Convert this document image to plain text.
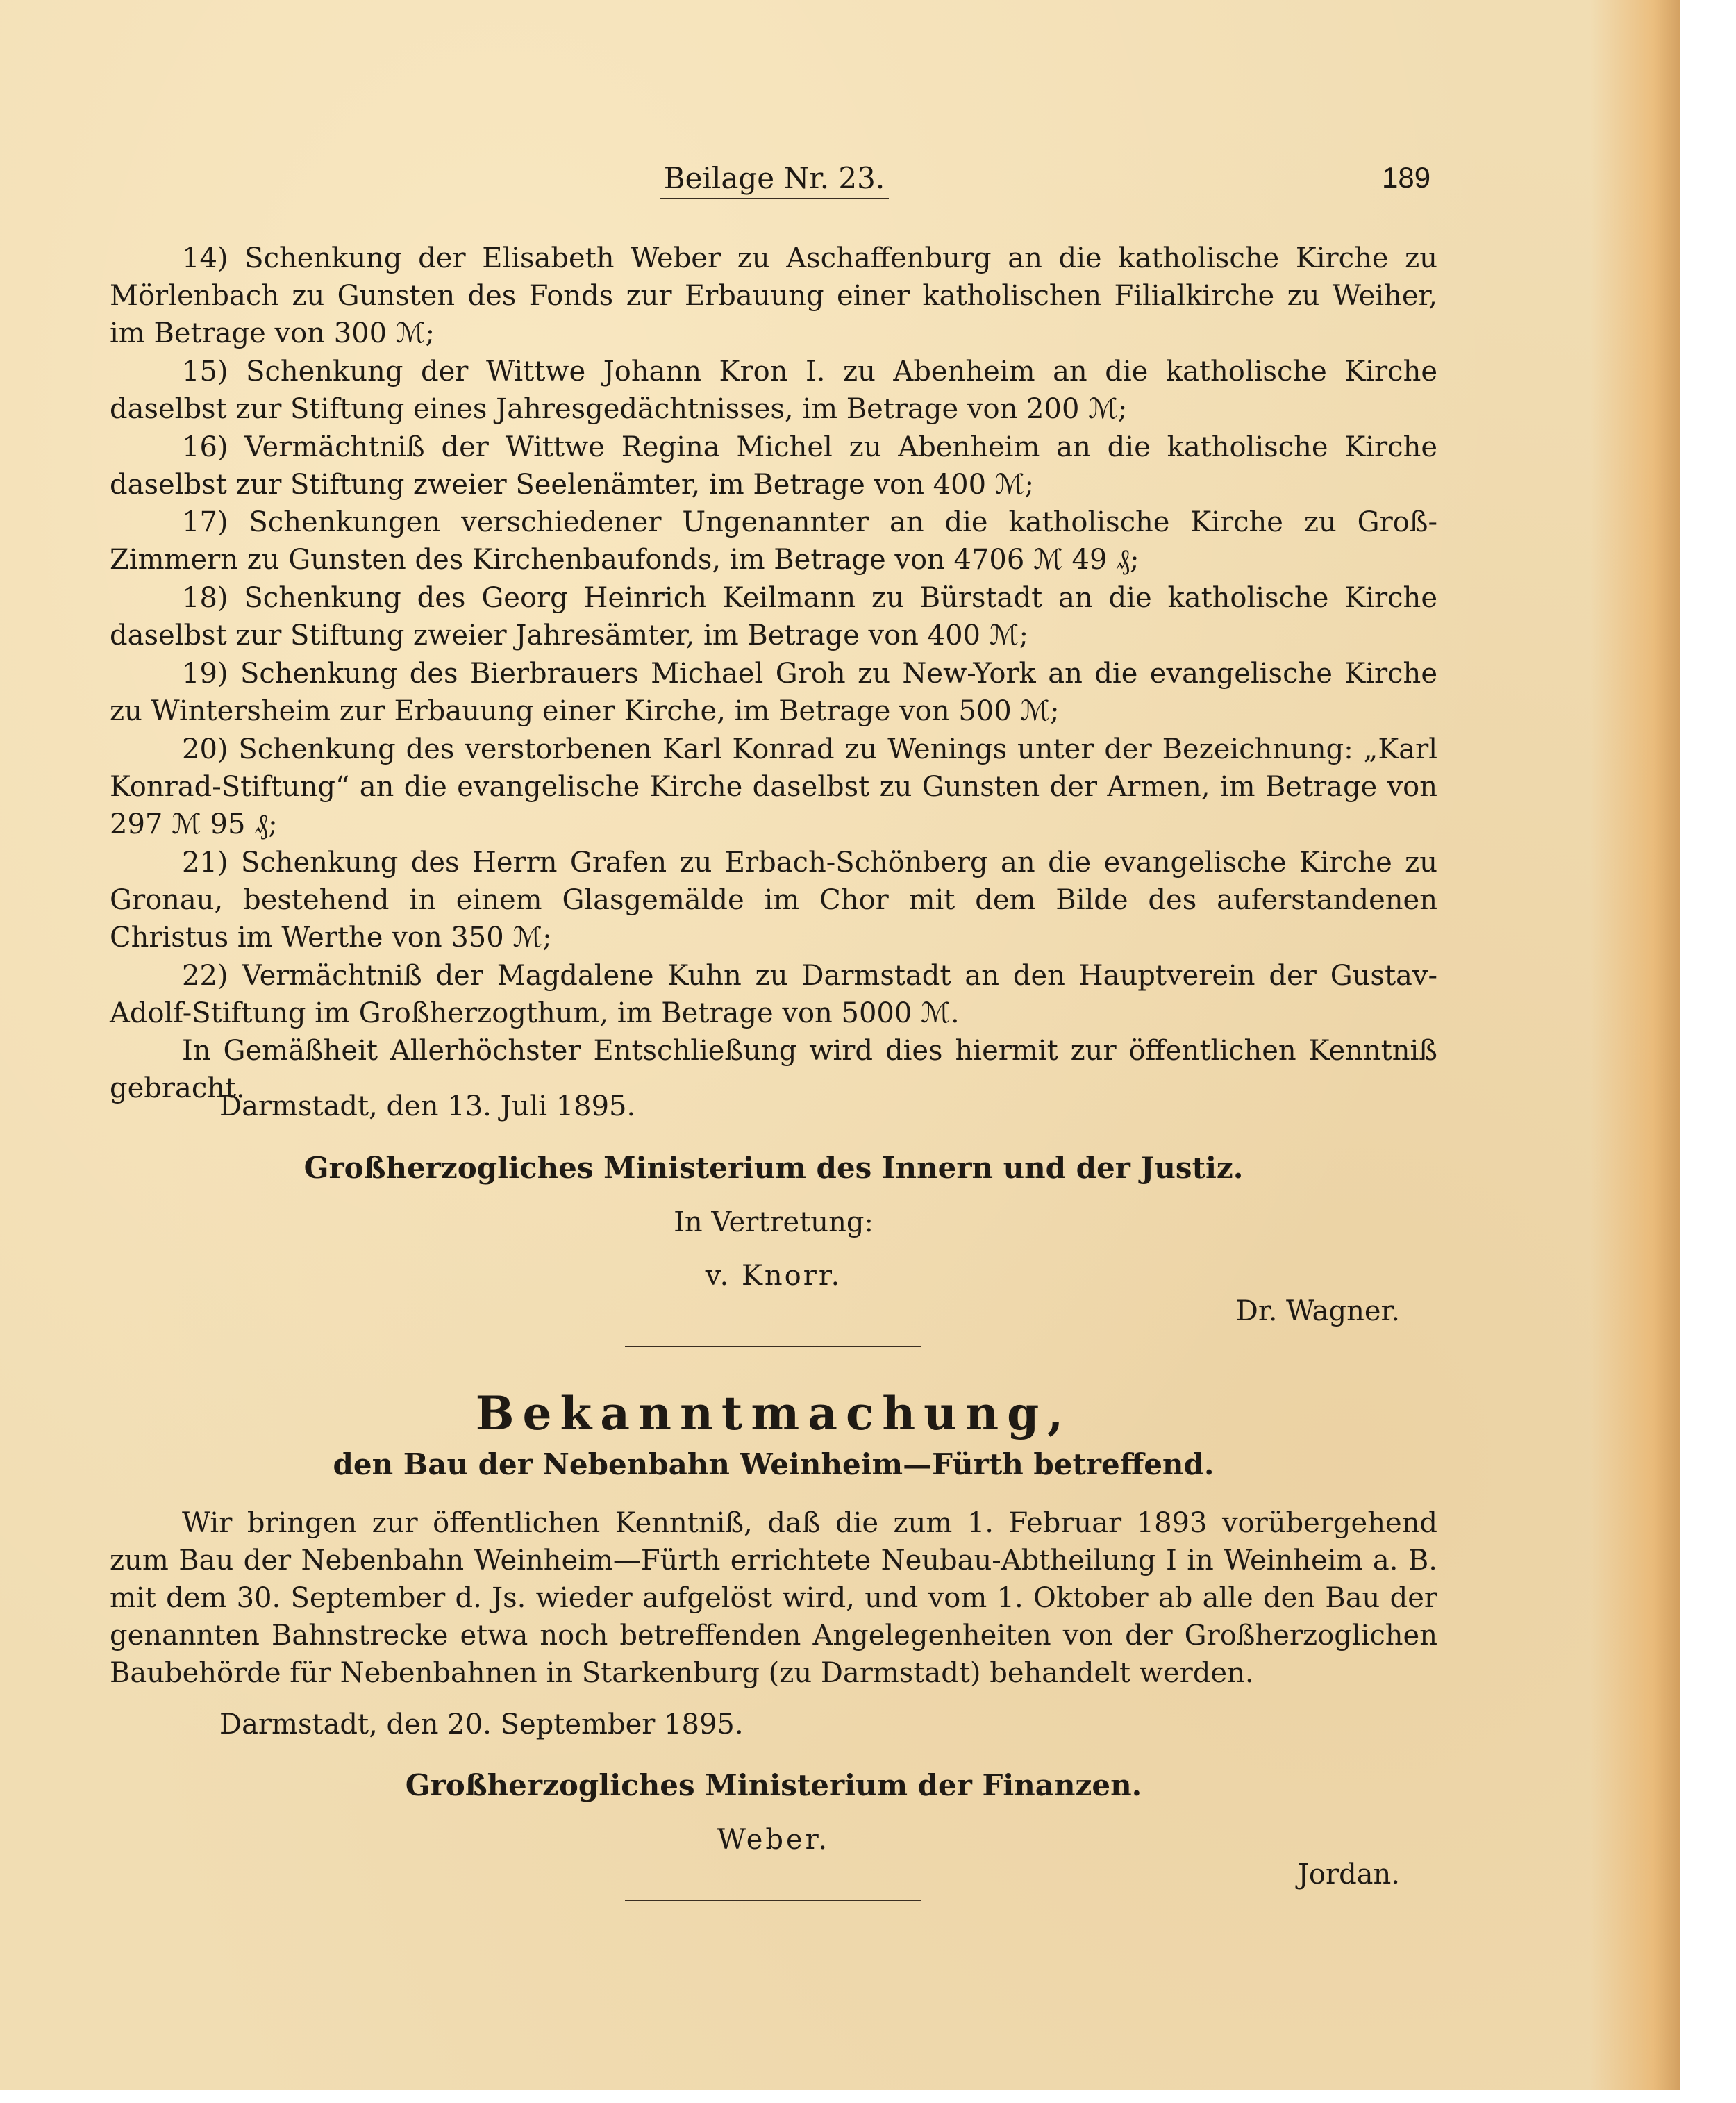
Beilage Nr. 23.	189

14) Schenkung der Elisabeth Weber zu Aschaffenburg an die katholische Kirche zu Mörlenbach zu Gunsten des Fonds zur Erbauung einer katholischen Filialkirche zu Weiher, im Betrage von 300 ℳ;

15) Schenkung der Wittwe Johann Kron I. zu Abenheim an die katholische Kirche daselbst zur Stiftung eines Jahresgedächtnisses, im Betrage von 200 ℳ;

16) Vermächtniß der Wittwe Regina Michel zu Abenheim an die katholische Kirche daselbst zur Stiftung zweier Seelenämter, im Betrage von 400 ℳ;

17) Schenkungen verschiedener Ungenannter an die katholische Kirche zu Groß-Zimmern zu Gunsten des Kirchenbaufonds, im Betrage von 4706 ℳ 49 ₰;

18) Schenkung des Georg Heinrich Keilmann zu Bürstadt an die katholische Kirche daselbst zur Stiftung zweier Jahresämter, im Betrage von 400 ℳ;

19) Schenkung des Bierbrauers Michael Groh zu New-York an die evangelische Kirche zu Wintersheim zur Erbauung einer Kirche, im Betrage von 500 ℳ;

20) Schenkung des verstorbenen Karl Konrad zu Wenings unter der Bezeichnung: „Karl Konrad-Stiftung“ an die evangelische Kirche daselbst zu Gunsten der Armen, im Betrage von 297 ℳ 95 ₰;

21) Schenkung des Herrn Grafen zu Erbach-Schönberg an die evangelische Kirche zu Gronau, bestehend in einem Glasgemälde im Chor mit dem Bilde des auferstandenen Christus im Werthe von 350 ℳ;

22) Vermächtniß der Magdalene Kuhn zu Darmstadt an den Hauptverein der Gustav-Adolf-Stiftung im Großherzogthum, im Betrage von 5000 ℳ.

In Gemäßheit Allerhöchster Entschließung wird dies hiermit zur öffentlichen Kenntniß gebracht.

Darmstadt, den 13. Juli 1895.

Großherzogliches Ministerium des Innern und der Justiz.

In Vertretung:

v. Knorr.

Dr. Wagner.

Bekanntmachung,

den Bau der Nebenbahn Weinheim—Fürth betreffend.

Wir bringen zur öffentlichen Kenntniß, daß die zum 1. Februar 1893 vorübergehend zum Bau der Nebenbahn Weinheim—Fürth errichtete Neubau-Abtheilung I in Weinheim a. B. mit dem 30. September d. Js. wieder aufgelöst wird, und vom 1. Oktober ab alle den Bau der genannten Bahnstrecke etwa noch betreffenden Angelegenheiten von der Großherzoglichen Baubehörde für Nebenbahnen in Starkenburg (zu Darmstadt) behandelt werden.

Darmstadt, den 20. September 1895.

Großherzogliches Ministerium der Finanzen.

Weber.

Jordan.
